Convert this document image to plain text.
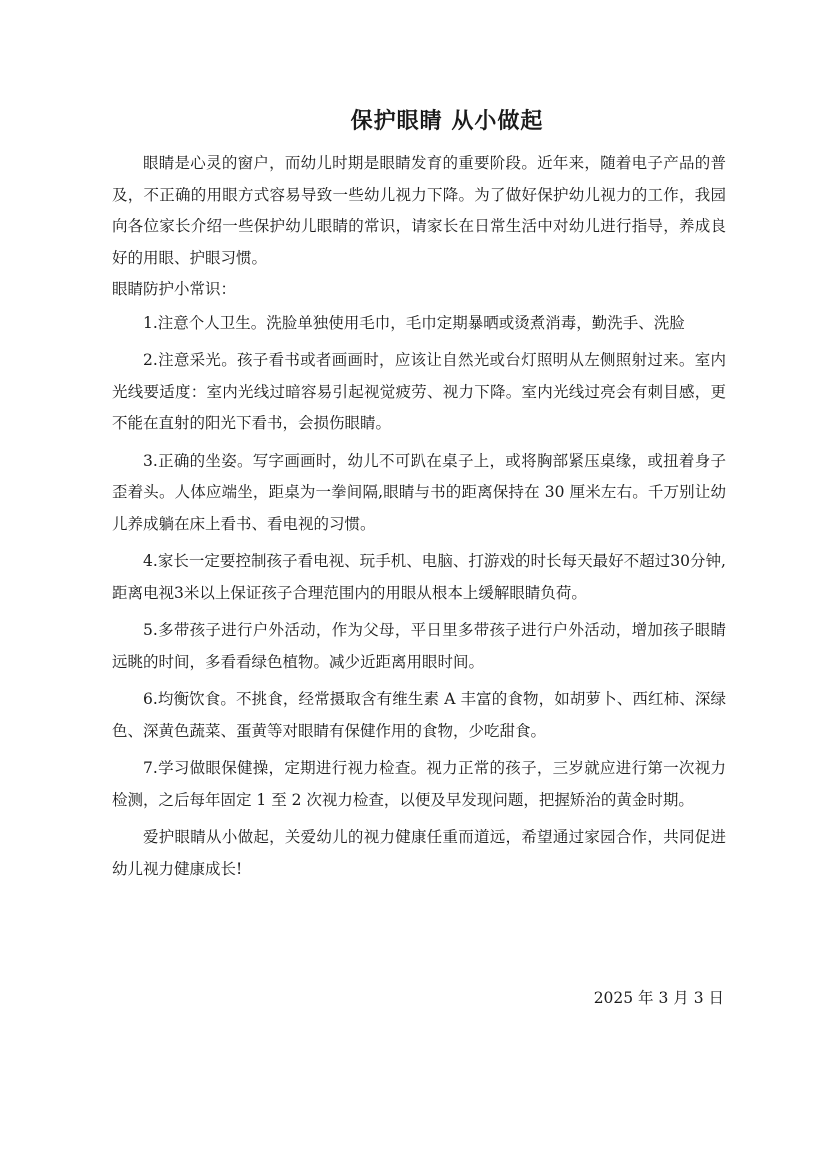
保护眼睛 从小做起

眼睛是心灵的窗户，而幼儿时期是眼睛发育的重要阶段。近年来，随着电子产品的普及，不正确的用眼方式容易导致一些幼儿视力下降。为了做好保护幼儿视力的工作，我园向各位家长介绍一些保护幼儿眼睛的常识，请家长在日常生活中对幼儿进行指导，养成良好的用眼、护眼习惯。

眼睛防护小常识：

1.注意个人卫生。洗脸单独使用毛巾，毛巾定期暴晒或烫煮消毒，勤洗手、洗脸

2.注意采光。孩子看书或者画画时，应该让自然光或台灯照明从左侧照射过来。室内光线要适度：室内光线过暗容易引起视觉疲劳、视力下降。室内光线过亮会有刺目感，更不能在直射的阳光下看书，会损伤眼睛。

3.正确的坐姿。写字画画时，幼儿不可趴在桌子上，或将胸部紧压桌缘，或扭着身子歪着头。人体应端坐，距桌为一拳间隔,眼睛与书的距离保持在 30 厘米左右。千万别让幼儿养成躺在床上看书、看电视的习惯。

4.家长一定要控制孩子看电视、玩手机、电脑、打游戏的时长每天最好不超过30分钟,距离电视3米以上保证孩子合理范围内的用眼从根本上缓解眼睛负荷。

5.多带孩子进行户外活动，作为父母，平日里多带孩子进行户外活动，增加孩子眼睛远眺的时间，多看看绿色植物。减少近距离用眼时间。

6.均衡饮食。不挑食，经常摄取含有维生素 A 丰富的食物，如胡萝卜、西红柿、深绿色、深黄色蔬菜、蛋黄等对眼睛有保健作用的食物，少吃甜食。

7.学习做眼保健操，定期进行视力检查。视力正常的孩子，三岁就应进行第一次视力检测，之后每年固定 1 至 2 次视力检查，以便及早发现问题，把握矫治的黄金时期。

爱护眼睛从小做起，关爱幼儿的视力健康任重而道远，希望通过家园合作，共同促进幼儿视力健康成长!

2025 年 3 月 3 日
